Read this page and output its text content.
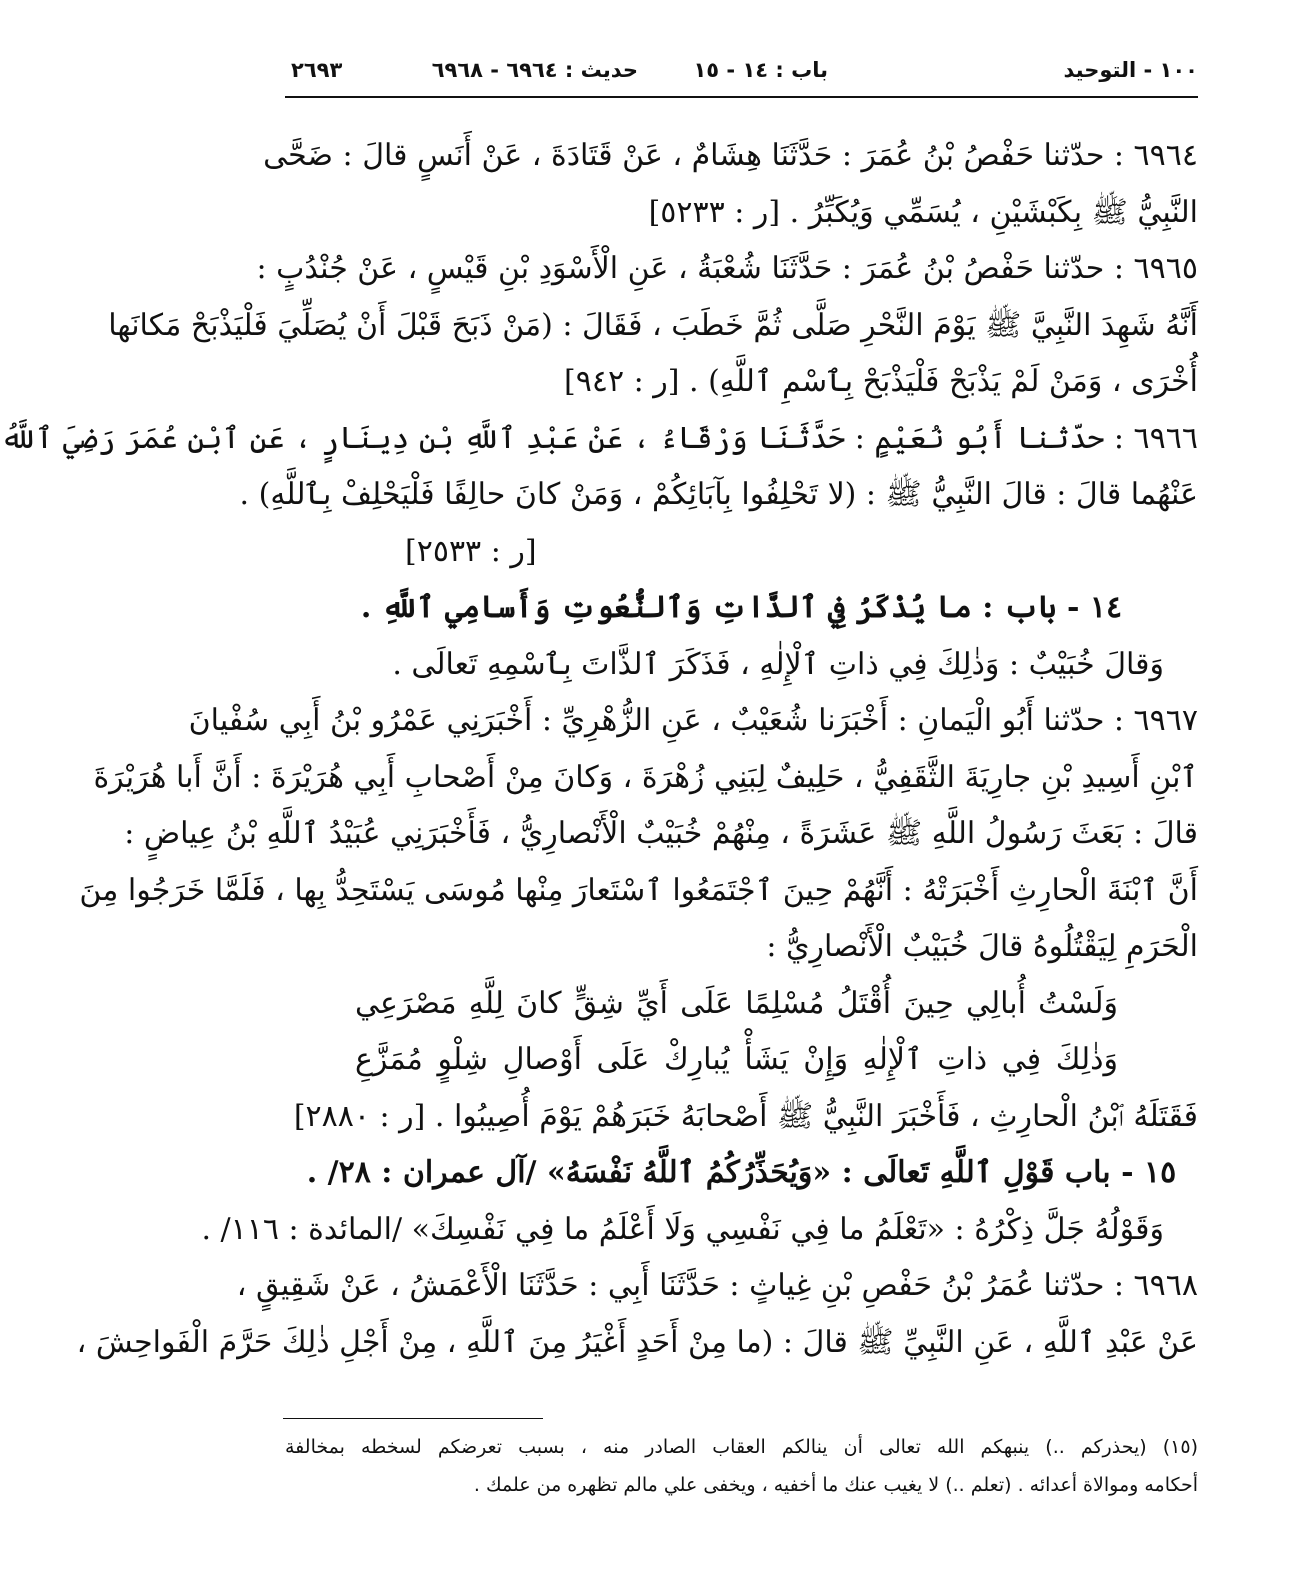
١٠٠ - التوحيد
باب : ١٤ - ١٥
حديث : ٦٩٦٤ - ٦٩٦٨
٢٦٩٣
٦٩٦٤ : حدّثنا حَفْصُ بْنُ عُمَرَ : حَدَّثَنَا هِشَامٌ ، عَنْ قَتَادَةَ ، عَنْ أَنَسٍ قالَ : ضَحَّى
النَّبِيُّ ﷺ بِكَبْشَيْنِ ، يُسَمِّي وَيُكَبِّرُ . [ر : ٥٢٣٣]
٦٩٦٥ : حدّثنا حَفْصُ بْنُ عُمَرَ : حَدَّثَنَا شُعْبَةُ ، عَنِ الْأَسْوَدِ بْنِ قَيْسٍ ، عَنْ جُنْدُبٍ :
أَنَّهُ شَهِدَ النَّبِيَّ ﷺ يَوْمَ النَّحْرِ صَلَّى ثُمَّ خَطَبَ ، فَقَالَ : (مَنْ ذَبَحَ قَبْلَ أَنْ يُصَلِّيَ فَلْيَذْبَحْ مَكانَها
أُخْرَى ، وَمَنْ لَمْ يَذْبَحْ فَلْيَذْبَحْ بِٱسْمِ ٱللَّهِ) . [ر : ٩٤٢]
٦٩٦٦ : حدّثنا أَبُو نُعَيْمٍ : حَدَّثَنَا وَرْقَاءُ ، عَنْ عَبْدِ ٱللَّهِ بْنِ دِينَارٍ ، عَنِ ٱبْنِ عُمَرَ رَضِيَ ٱللَّهُ
عَنْهُما قالَ : قالَ النَّبِيُّ ﷺ : (لا تَحْلِفُوا بِآبَائِكُمْ ، وَمَنْ كانَ حالِفًا فَلْيَحْلِفْ بِٱللَّهِ) .
[ر : ٢٥٣٣]
١٤ - باب : ما يُذْكَرُ فِي ٱلذَّاتِ وَٱلنُّعُوتِ وَأَسامِي ٱللَّهِ .
وَقالَ خُبَيْبٌ : وَذٰلِكَ فِي ذاتِ ٱلْإِلٰهِ ، فَذَكَرَ ٱلذَّاتَ بِٱسْمِهِ تَعالَى .
٦٩٦٧ : حدّثنا أَبُو الْيَمانِ : أَخْبَرَنا شُعَيْبٌ ، عَنِ الزُّهْرِيِّ : أَخْبَرَنِي عَمْرُو بْنُ أَبِي سُفْيانَ
ٱبْنِ أَسِيدِ بْنِ جارِيَةَ الثَّقَفِيُّ ، حَلِيفٌ لِبَنِي زُهْرَةَ ، وَكانَ مِنْ أَصْحابِ أَبِي هُرَيْرَةَ : أَنَّ أَبا هُرَيْرَةَ
قالَ : بَعَثَ رَسُولُ اللَّهِ ﷺ عَشَرَةً ، مِنْهُمْ خُبَيْبٌ الْأَنْصارِيُّ ، فَأَخْبَرَنِي عُبَيْدُ ٱللَّهِ بْنُ عِياضٍ :
أَنَّ ٱبْنَةَ الْحارِثِ أَخْبَرَتْهُ : أَنَّهُمْ حِينَ ٱجْتَمَعُوا ٱسْتَعارَ مِنْها مُوسَى يَسْتَحِدُّ بِها ، فَلَمَّا خَرَجُوا مِنَ
الْحَرَمِ لِيَقْتُلُوهُ قالَ خُبَيْبٌ الْأَنْصارِيُّ :
وَلَسْتُ أُبالِي حِينَ أُقْتَلُ مُسْلِمًا عَلَى أَيِّ شِقٍّ كانَ لِلَّهِ مَصْرَعِي
وَذٰلِكَ فِي ذاتِ ٱلْإِلٰهِ وَإِنْ يَشَأْ يُبارِكْ عَلَى أَوْصالِ شِلْوٍ مُمَزَّعِ
فَقَتَلَهُ ٱبْنُ الْحارِثِ ، فَأَخْبَرَ النَّبِيُّ ﷺ أَصْحابَهُ خَبَرَهُمْ يَوْمَ أُصِيبُوا . [ر : ٢٨٨٠]
١٥ - باب قَوْلِ ٱللَّهِ تَعالَى : «وَيُحَذِّرُكُمُ ٱللَّهُ نَفْسَهُ» /آل عمران : ٢٨/ .
وَقَوْلُهُ جَلَّ ذِكْرُهُ : «تَعْلَمُ ما فِي نَفْسِي وَلَا أَعْلَمُ ما فِي نَفْسِكَ» /المائدة : ١١٦/ .
٦٩٦٨ : حدّثنا عُمَرُ بْنُ حَفْصِ بْنِ غِياثٍ : حَدَّثَنَا أَبِي : حَدَّثَنَا الْأَعْمَشُ ، عَنْ شَقِيقٍ ،
عَنْ عَبْدِ ٱللَّهِ ، عَنِ النَّبِيِّ ﷺ قالَ : (ما مِنْ أَحَدٍ أَغْيَرُ مِنَ ٱللَّهِ ، مِنْ أَجْلِ ذٰلِكَ حَرَّمَ الْفَواحِشَ ،
(١٥) (يحذركم ..) ينبهكم الله تعالى أن ينالكم العقاب الصادر منه ، بسبب تعرضكم لسخطه بمخالفة
أحكامه وموالاة أعدائه . (تعلم ..) لا يغيب عنك ما أخفيه ، ويخفى علي مالم تظهره من علمك .
